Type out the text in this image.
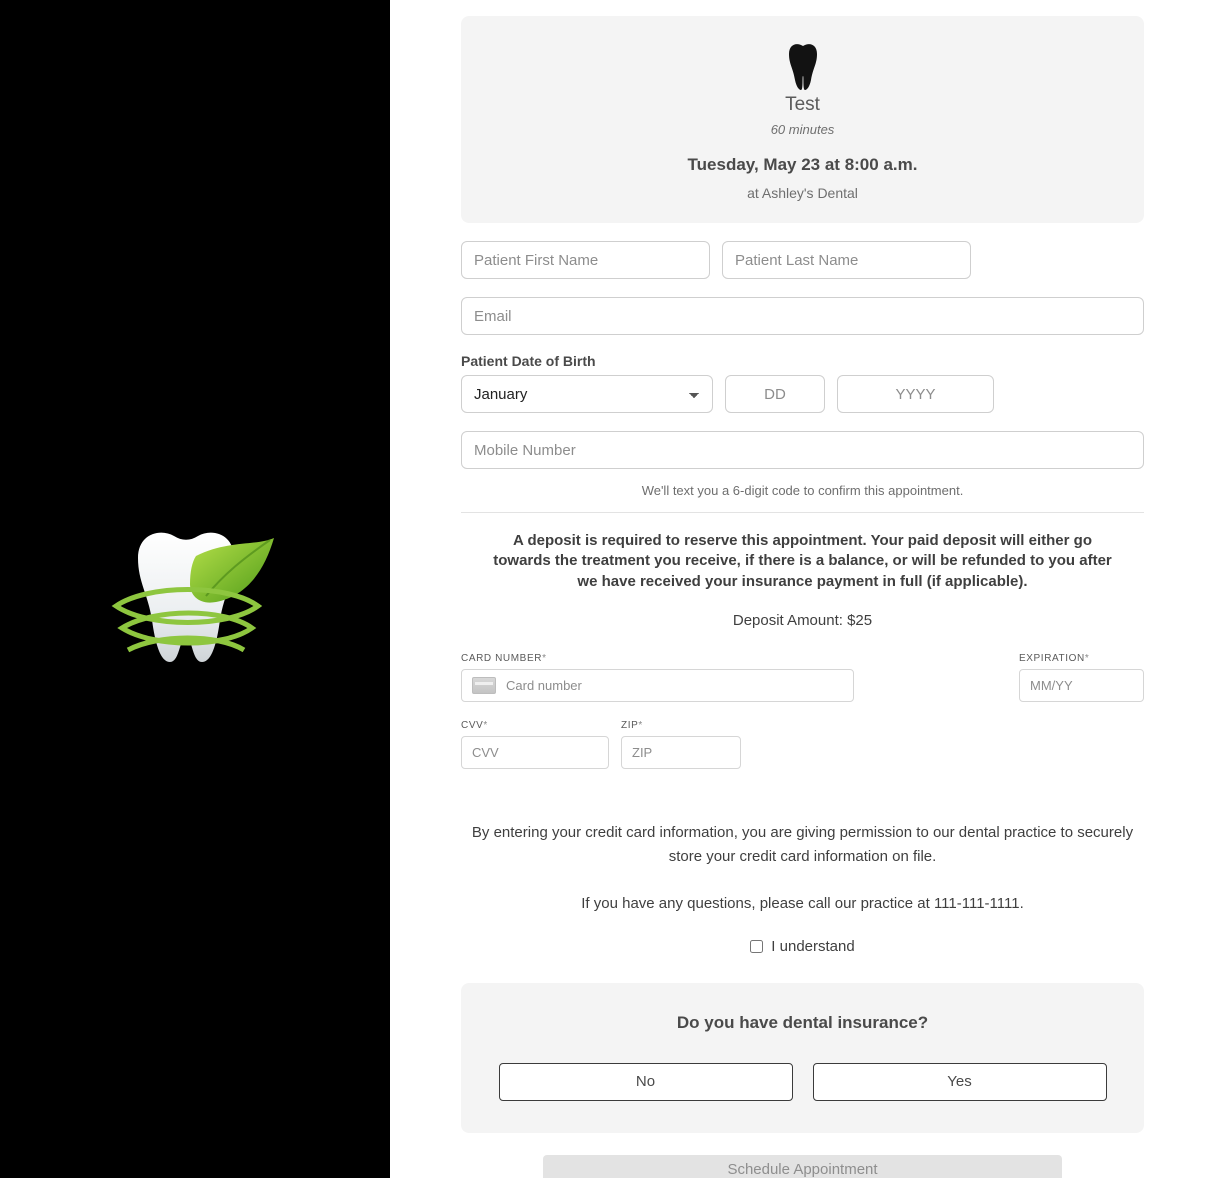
Test
60 minutes
Tuesday, May 23 at 8:00 a.m.
at Ashley's Dental
Patient First Name
Patient Last Name
Email
Patient Date of Birth
January
DD
YYYY
Mobile Number
We'll text you a 6-digit code to confirm this appointment.
A deposit is required to reserve this appointment. Your paid deposit will either go towards the treatment you receive, if there is a balance, or will be refunded to you after we have received your insurance payment in full (if applicable).
Deposit Amount: $25
CARD NUMBER*
Card number
EXPIRATION*
MM/YY
CVV*
CVV	ZIP*
ZIP
By entering your credit card information, you are giving permission to our dental practice to securely store your credit card information on file.
If you have any questions, please call our practice at 111-111-1111.
I understand
Do you have dental insurance?
No	Yes
Schedule Appointment
